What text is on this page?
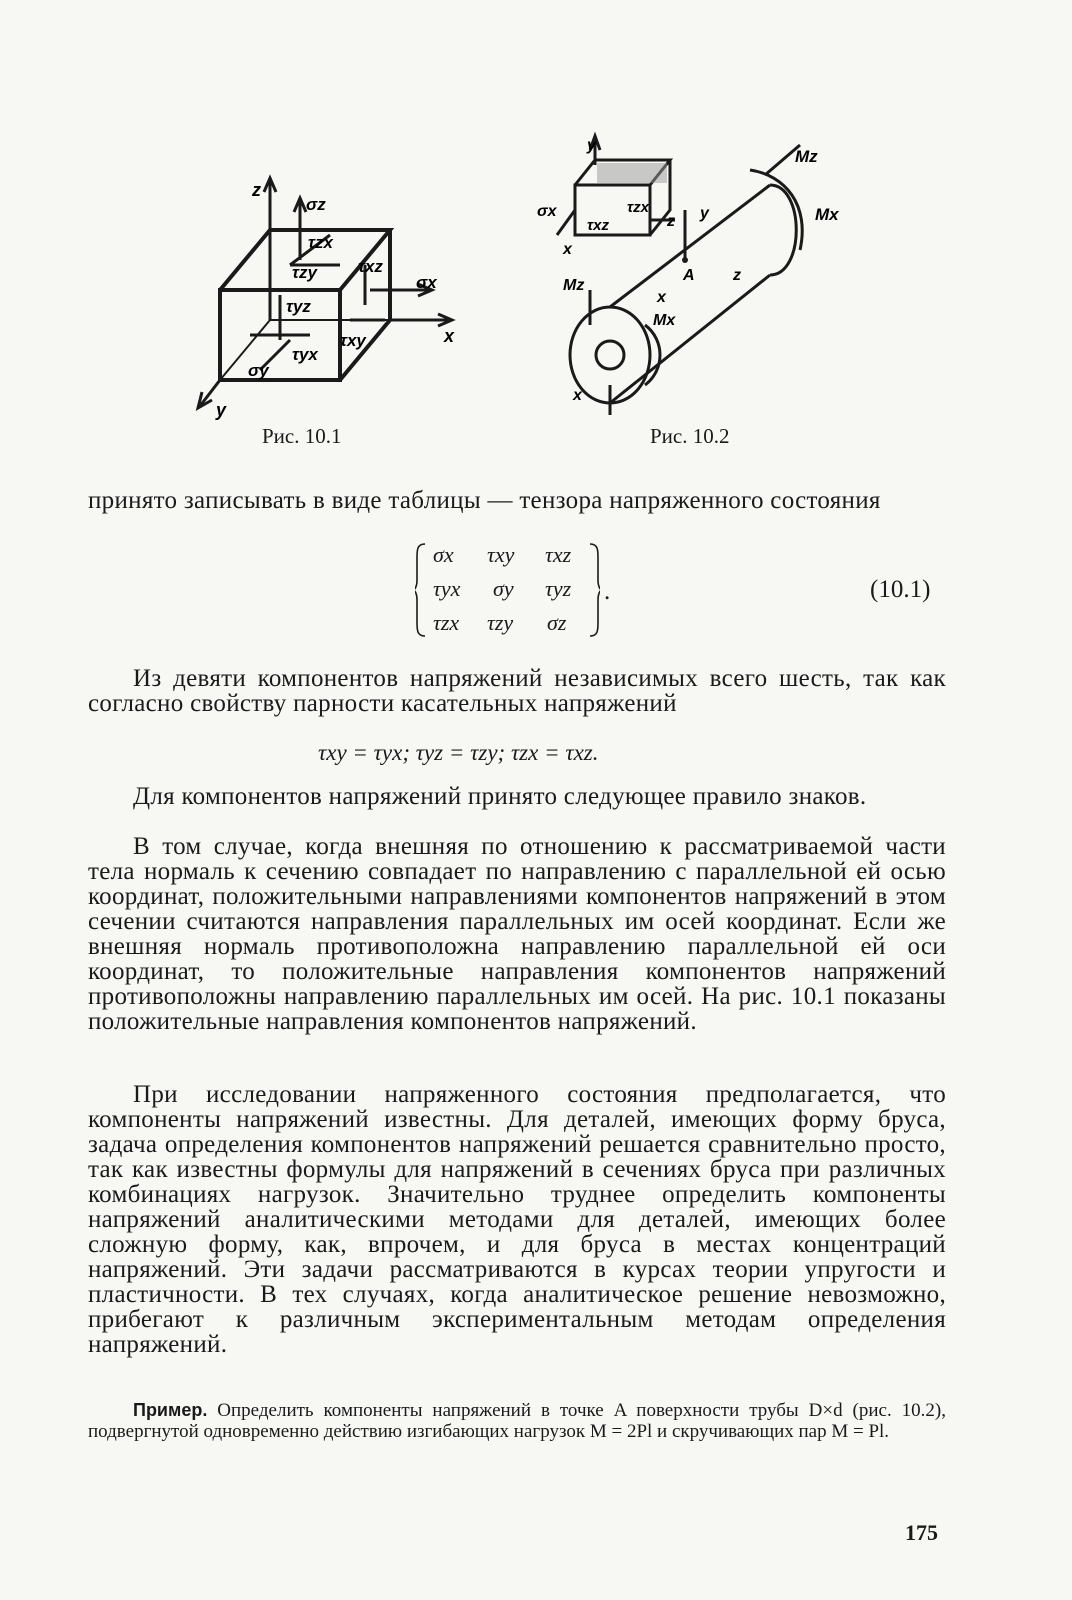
z
σz
τzx
τzy τxz
σx
τyz
x
τyx
τxy
σy
y
Рис. 10.1
y
σx
τxz
τzx
z
x
Mz
Mx
y
A z
x
Mz
Mx
x
Рис. 10.2

принято записывать в виде таблицы — тензора напряженного состояния

σx τxy τxz
τyx σy τyz
τzx τzy σz
.	(10.1)

Из девяти компонентов напряжений независимых всего шесть, так как согласно свойству парности касательных напряжений

τxy = τyx; τyz = τzy; τzx = τxz.

Для компонентов напряжений принято следующее правило знаков.

В том случае, когда внешняя по отношению к рассматриваемой части тела нормаль к сечению совпадает по направлению с параллельной ей осью координат, положительными направлениями компонентов напряжений в этом сечении считаются направления параллельных им осей координат. Если же внешняя нормаль противоположна направлению параллельной ей оси координат, то положительные направления компонентов напряжений противоположны направлению параллельных им осей. На рис. 10.1 показаны положительные направления компонентов напряжений.

При исследовании напряженного состояния предполагается, что компоненты напряжений известны. Для деталей, имеющих форму бруса, задача определения компонентов напряжений решается сравнительно просто, так как известны формулы для напряжений в сечениях бруса при различных комбинациях нагрузок. Значительно труднее определить компоненты напряжений аналитическими методами для деталей, имеющих более сложную форму, как, впрочем, и для бруса в местах концентраций напряжений. Эти задачи рассматриваются в курсах теории упругости и пластичности. В тех случаях, когда аналитическое решение невозможно, прибегают к различным экспериментальным методам определения напряжений.

Пример. Определить компоненты напряжений в точке A поверхности трубы D×d (рис. 10.2), подвергнутой одновременно действию изгибающих нагрузок M = 2Pl и скручивающих пар M = Pl.

175
